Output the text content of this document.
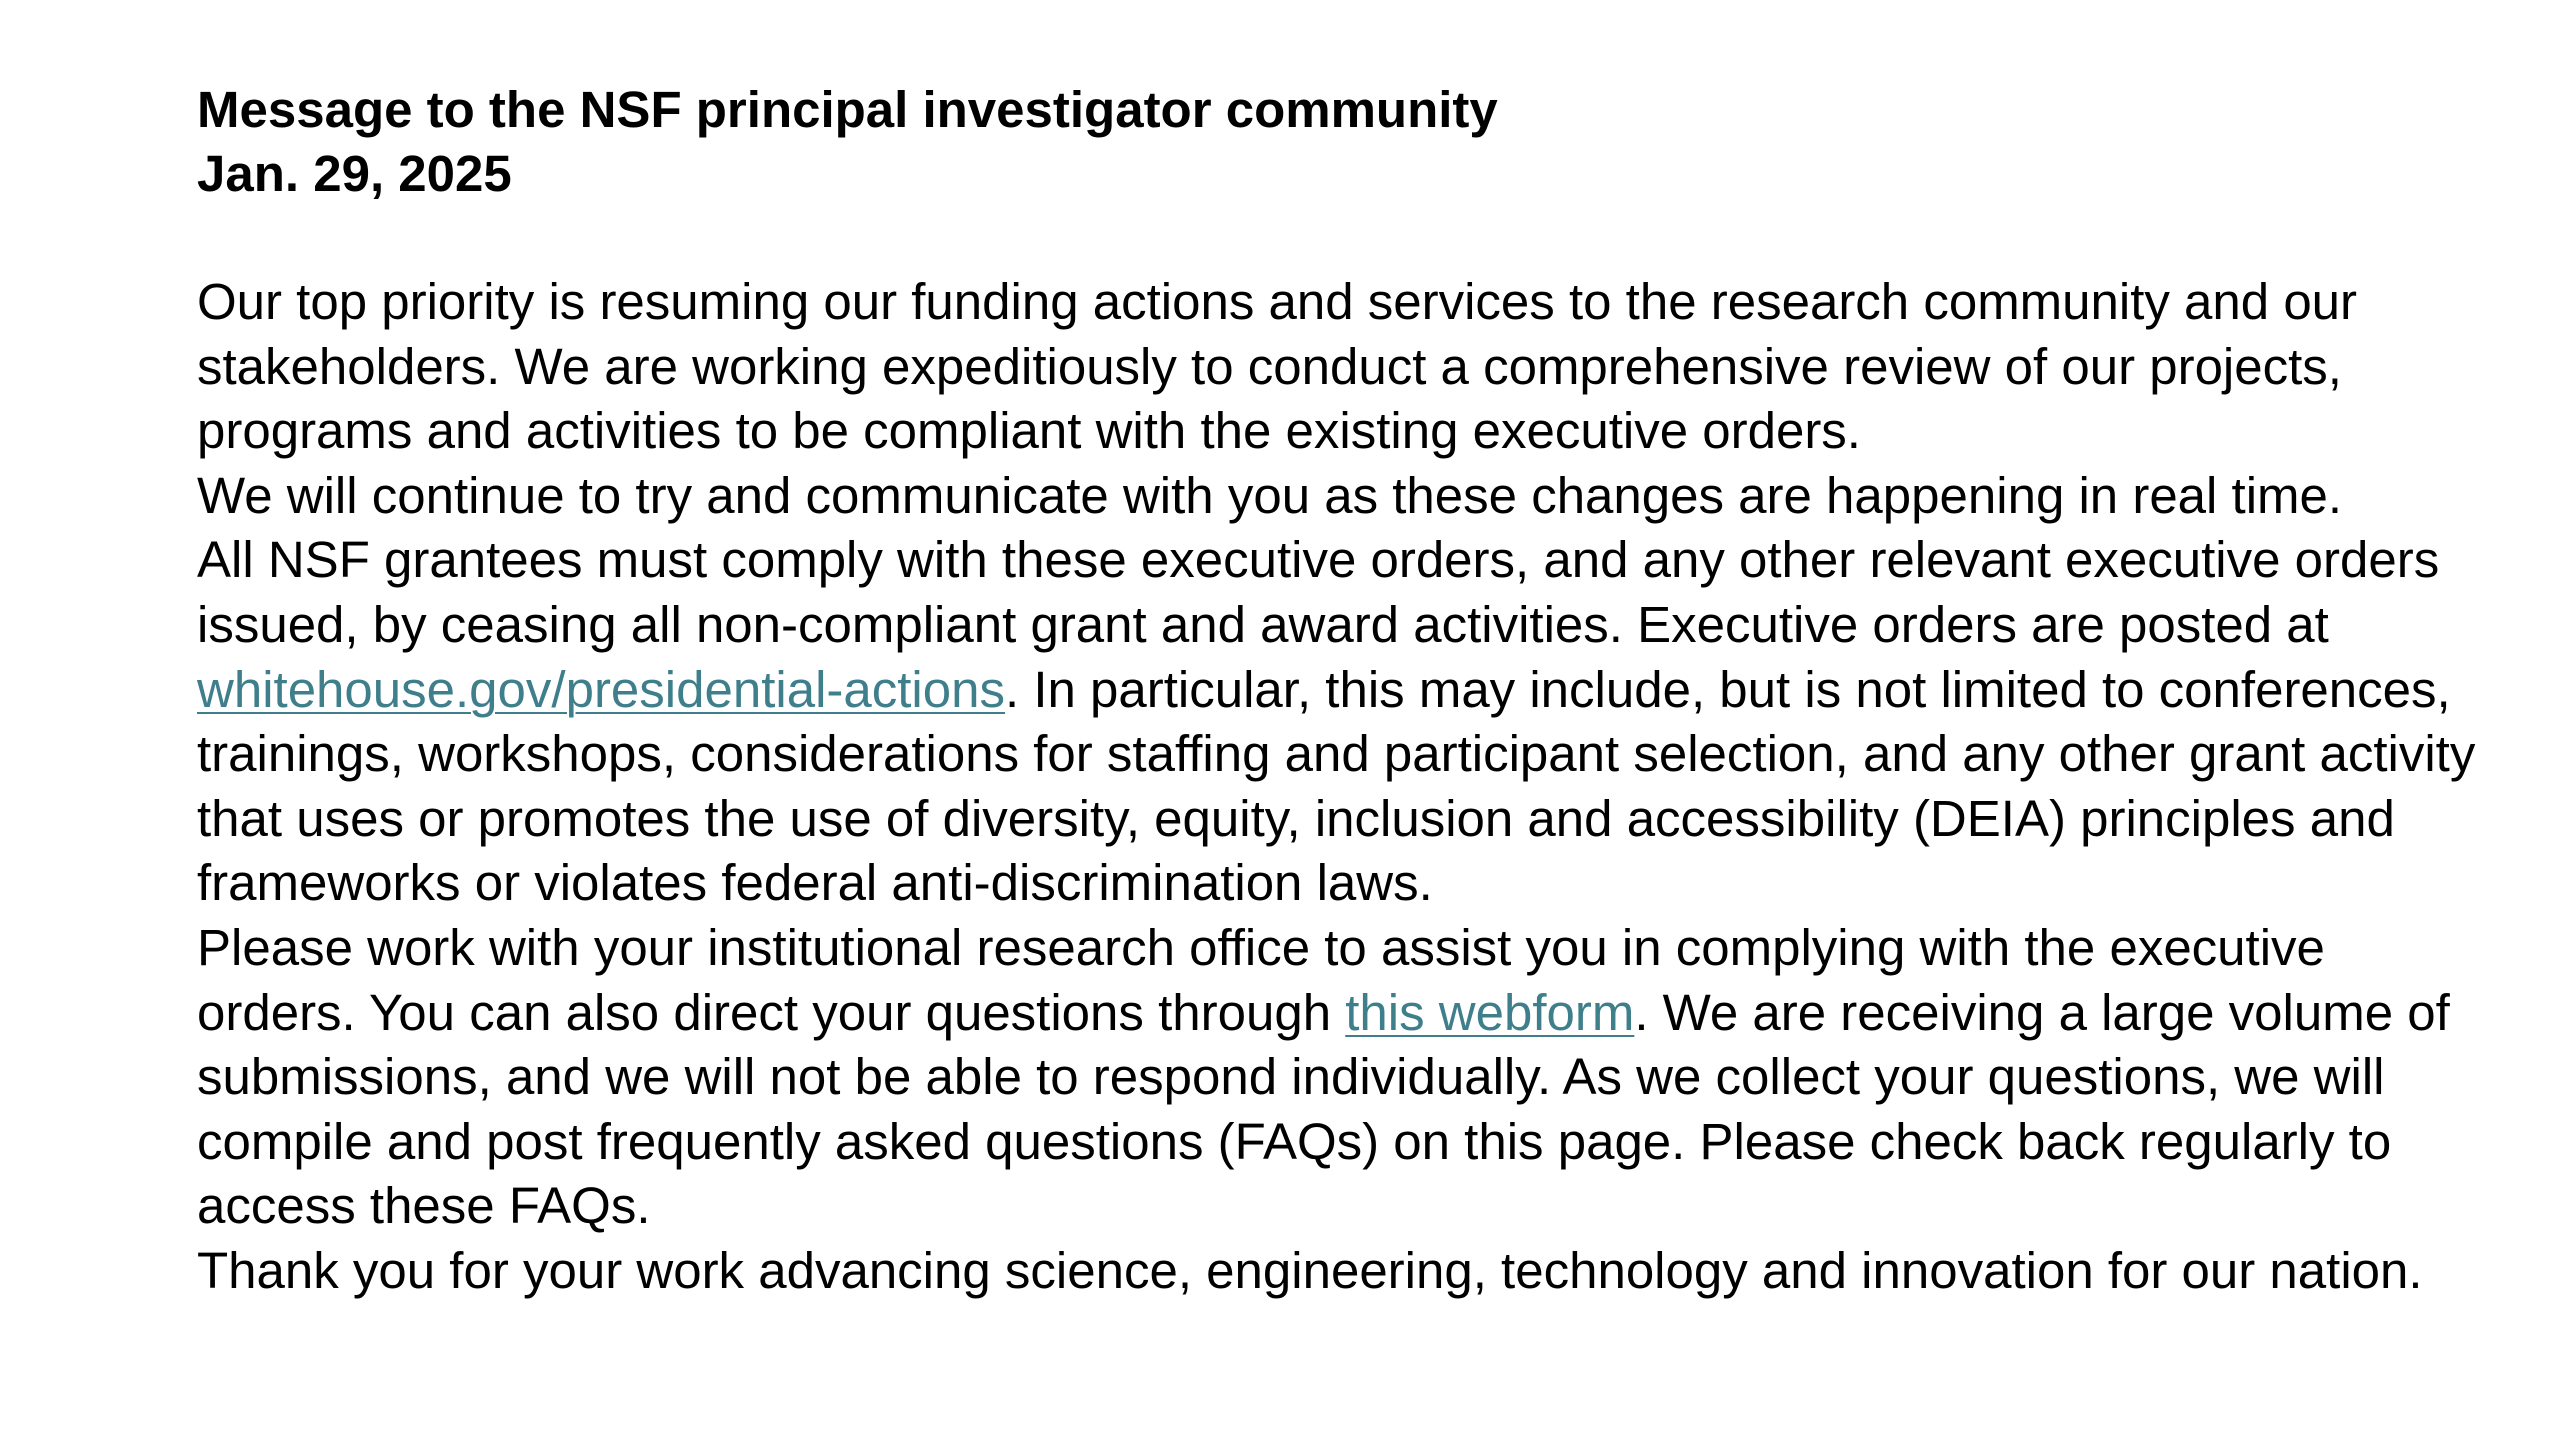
Message to the NSF principal investigator community
Jan. 29, 2025

Our top priority is resuming our funding actions and services to the research community and our stakeholders. We are working expeditiously to conduct a comprehensive review of our projects, programs and activities to be compliant with the existing executive orders.

We will continue to try and communicate with you as these changes are happening in real time.

All NSF grantees must comply with these executive orders, and any other relevant executive orders issued, by ceasing all non-compliant grant and award activities. Executive orders are posted at whitehouse.gov/presidential-actions. In particular, this may include, but is not limited to conferences, trainings, workshops, considerations for staffing and participant selection, and any other grant activity that uses or promotes the use of diversity, equity, inclusion and accessibility (DEIA) principles and frameworks or violates federal anti-discrimination laws.

Please work with your institutional research office to assist you in complying with the executive orders. You can also direct your questions through this webform. We are receiving a large volume of submissions, and we will not be able to respond individually. As we collect your questions, we will compile and post frequently asked questions (FAQs) on this page. Please check back regularly to access these FAQs.

Thank you for your work advancing science, engineering, technology and innovation for our nation.
